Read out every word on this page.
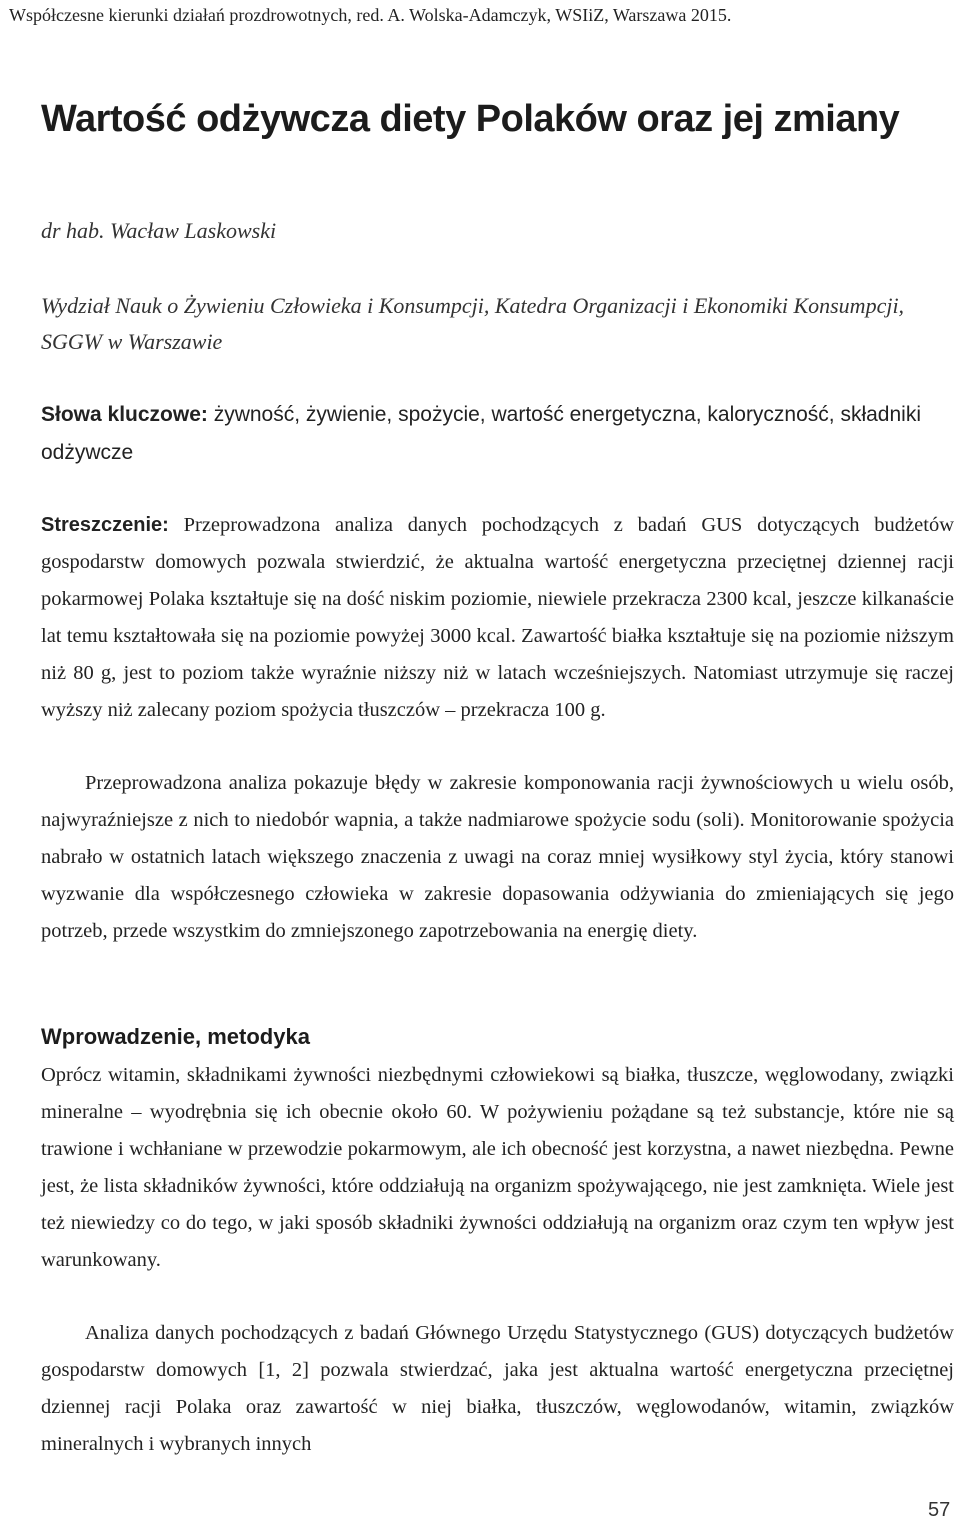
Współczesne kierunki działań prozdrowotnych, red. A. Wolska-Adamczyk, WSIiZ, Warszawa 2015.
Wartość odżywcza diety Polaków oraz jej zmiany
dr hab. Wacław Laskowski
Wydział Nauk o Żywieniu Człowieka i Konsumpcji, Katedra Organizacji i Ekonomiki Konsumpcji, SGGW w Warszawie
Słowa kluczowe: żywność, żywienie, spożycie, wartość energetyczna, kaloryczność, składniki odżywcze
Streszczenie: Przeprowadzona analiza danych pochodzących z badań GUS dotyczących budżetów gospodarstw domowych pozwala stwierdzić, że aktualna wartość energetyczna przeciętnej dziennej racji pokarmowej Polaka kształtuje się na dość niskim poziomie, niewiele przekracza 2300 kcal, jeszcze kilkanaście lat temu kształtowała się na poziomie powyżej 3000 kcal. Zawartość białka kształtuje się na poziomie niższym niż 80 g, jest to poziom także wyraźnie niższy niż w latach wcześniejszych. Natomiast utrzymuje się raczej wyższy niż zalecany poziom spożycia tłuszczów – przekracza 100 g.
Przeprowadzona analiza pokazuje błędy w zakresie komponowania racji żywnościowych u wielu osób, najwyraźniejsze z nich to niedobór wapnia, a także nadmiarowe spożycie sodu (soli). Monitorowanie spożycia nabrało w ostatnich latach większego znaczenia z uwagi na coraz mniej wysiłkowy styl życia, który stanowi wyzwanie dla współczesnego człowieka w zakresie dopasowania odżywiania do zmieniających się jego potrzeb, przede wszystkim do zmniejszonego zapotrzebowania na energię diety.
Wprowadzenie, metodyka
Oprócz witamin, składnikami żywności niezbędnymi człowiekowi są białka, tłuszcze, węglowodany, związki mineralne – wyodrębnia się ich obecnie około 60. W pożywieniu pożądane są też substancje, które nie są trawione i wchłaniane w przewodzie pokarmowym, ale ich obecność jest korzystna, a nawet niezbędna. Pewne jest, że lista składników żywności, które oddziałują na organizm spożywającego, nie jest zamknięta. Wiele jest też niewiedzy co do tego, w jaki sposób składniki żywności oddziałują na organizm oraz czym ten wpływ jest warunkowany.
Analiza danych pochodzących z badań Głównego Urzędu Statystycznego (GUS) dotyczących budżetów gospodarstw domowych [1, 2] pozwala stwierdzać, jaka jest aktualna wartość energetyczna przeciętnej dziennej racji Polaka oraz zawartość w niej białka, tłuszczów, węglowodanów, witamin, związków mineralnych i wybranych innych
57
